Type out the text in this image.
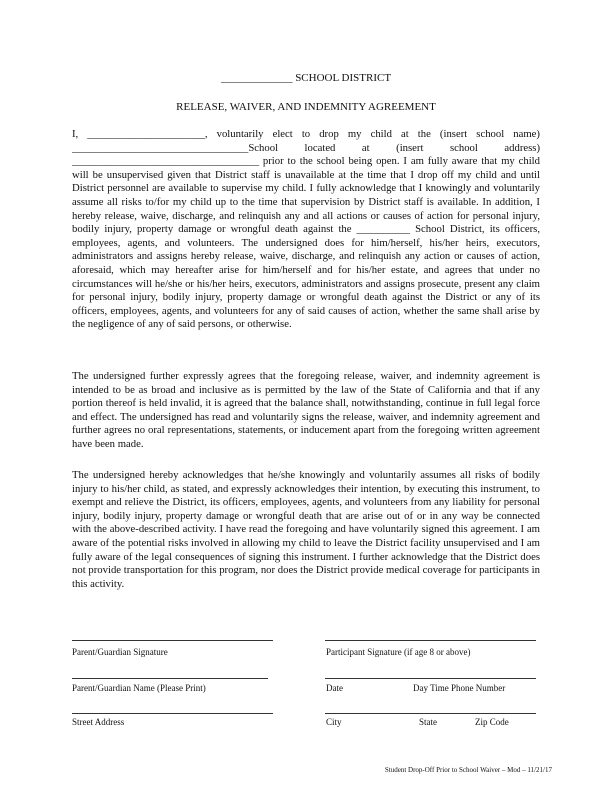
_____________ SCHOOL DISTRICT
RELEASE, WAIVER, AND INDEMNITY AGREEMENT

I, ______________________, voluntarily elect to drop my child at the (insert school name) _________________________________School located at (insert school address) ___________________________________ prior to the school being open. I am fully aware that my child will be unsupervised given that District staff is unavailable at the time that I drop off my child and until District personnel are available to supervise my child. I fully acknowledge that I knowingly and voluntarily assume all risks to/for my child up to the time that supervision by District staff is available. In addition, I hereby release, waive, discharge, and relinquish any and all actions or causes of action for personal injury, bodily injury, property damage or wrongful death against the __________ School District, its officers, employees, agents, and volunteers. The undersigned does for him/herself, his/her heirs, executors, administrators and assigns hereby release, waive, discharge, and relinquish any action or causes of action, aforesaid, which may hereafter arise for him/herself and for his/her estate, and agrees that under no circumstances will he/she or his/her heirs, executors, administrators and assigns prosecute, present any claim for personal injury, bodily injury, property damage or wrongful death against the District or any of its officers, employees, agents, and volunteers for any of said causes of action, whether the same shall arise by the negligence of any of said persons, or otherwise.

The undersigned further expressly agrees that the foregoing release, waiver, and indemnity agreement is intended to be as broad and inclusive as is permitted by the law of the State of California and that if any portion thereof is held invalid, it is agreed that the balance shall, notwithstanding, continue in full legal force and effect. The undersigned has read and voluntarily signs the release, waiver, and indemnity agreement and further agrees no oral representations, statements, or inducement apart from the foregoing written agreement have been made.

The undersigned hereby acknowledges that he/she knowingly and voluntarily assumes all risks of bodily injury to his/her child, as stated, and expressly acknowledges their intention, by executing this instrument, to exempt and relieve the District, its officers, employees, agents, and volunteers from any liability for personal injury, bodily injury, property damage or wrongful death that are arise out of or in any way be connected with the above-described activity. I have read the foregoing and have voluntarily signed this agreement. I am aware of the potential risks involved in allowing my child to leave the District facility unsupervised and I am fully aware of the legal consequences of signing this instrument. I further acknowledge that the District does not provide transportation for this program, nor does the District provide medical coverage for participants in this activity.

Parent/Guardian Signature	Participant Signature (if age 8 or above)
Parent/Guardian Name (Please Print)	Date	Day Time Phone Number
Street Address	City	State	Zip Code
Student Drop-Off Prior to School Waiver – Mod – 11/21/17
